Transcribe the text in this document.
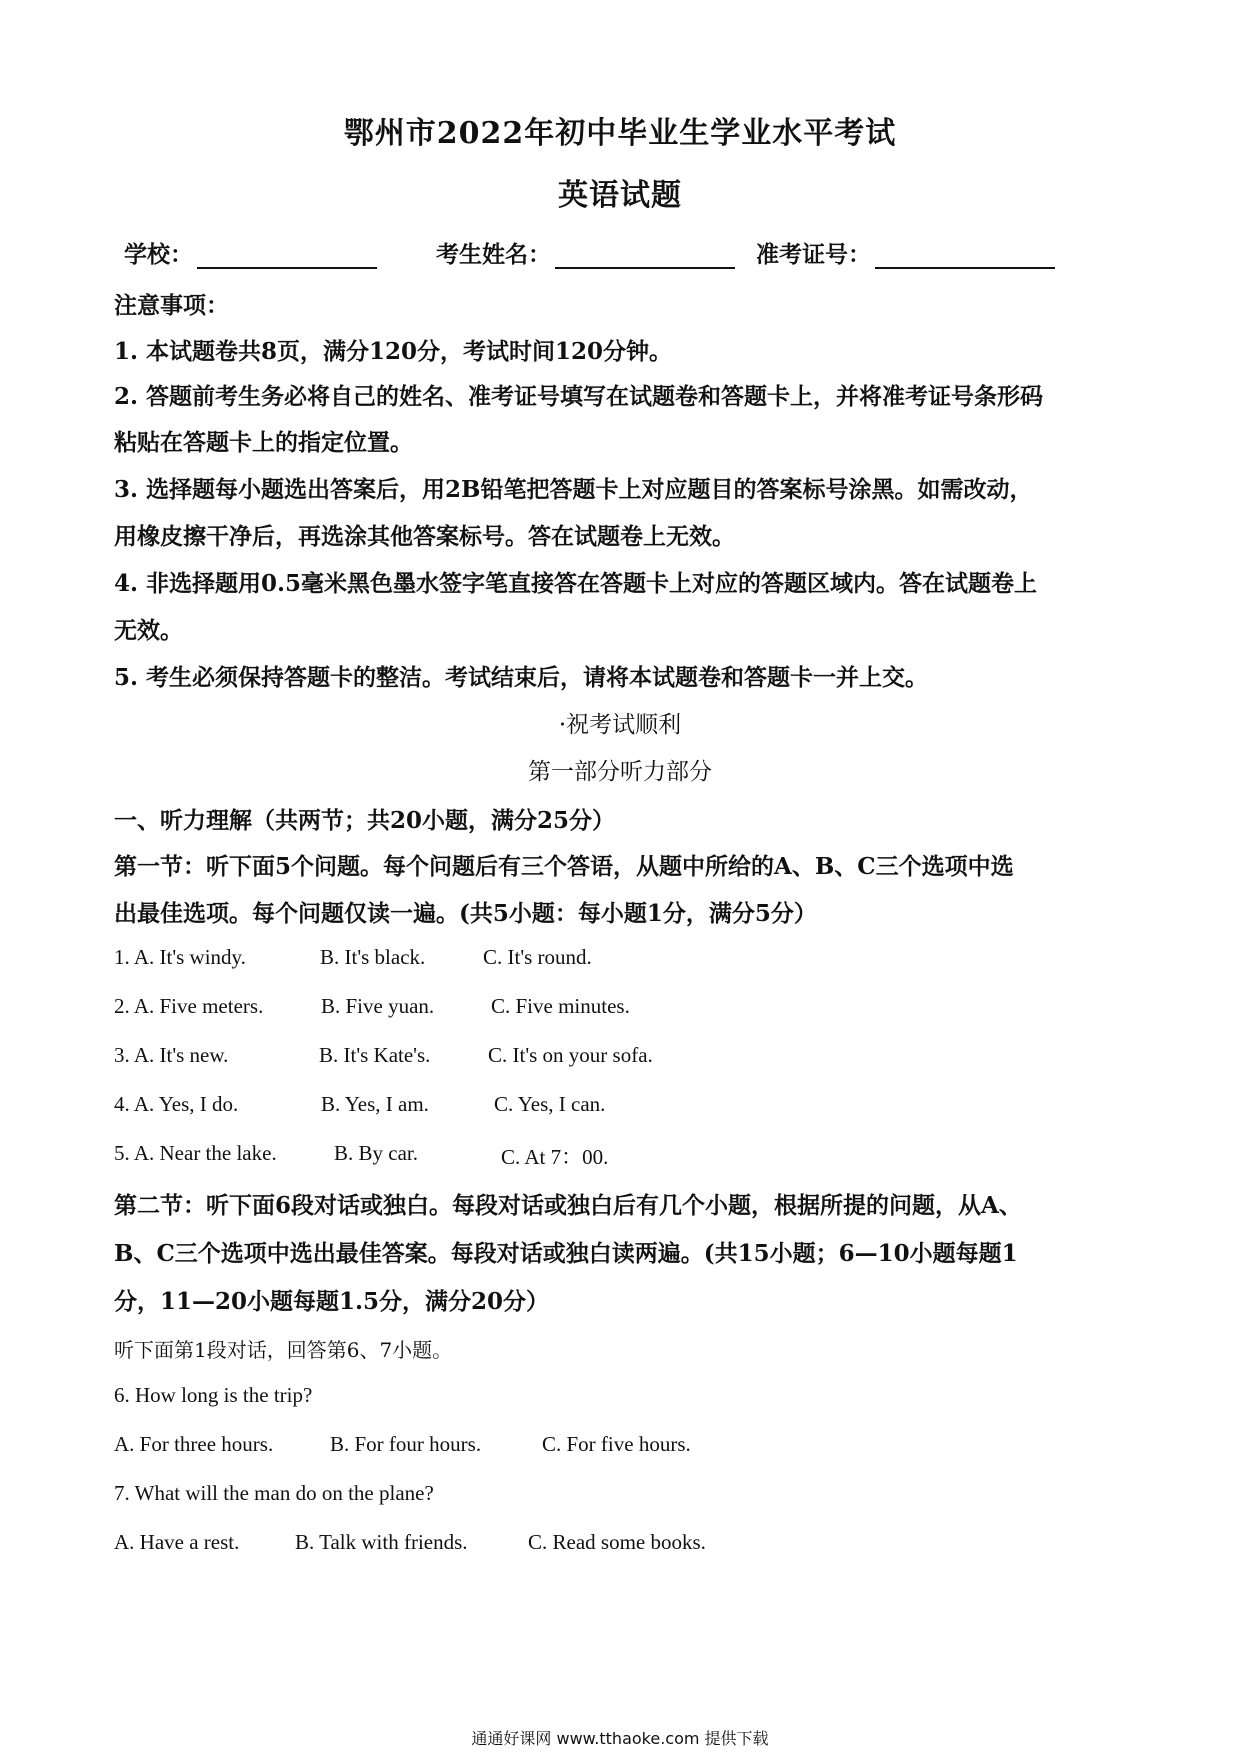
鄂州市2022年初中毕业生学业水平考试
英语试题
学校：	考生姓名：	准考证号：
注意事项：
1. 本试题卷共8页，满分120分，考试时间120分钟。
2. 答题前考生务必将自己的姓名、准考证号填写在试题卷和答题卡上，并将准考证号条形码
粘贴在答题卡上的指定位置。
3. 选择题每小题选出答案后，用2B铅笔把答题卡上对应题目的答案标号涂黑。如需改动，
用橡皮擦干净后，再选涂其他答案标号。答在试题卷上无效。
4. 非选择题用0.5毫米黑色墨水签字笔直接答在答题卡上对应的答题区域内。答在试题卷上
无效。
5. 考生必须保持答题卡的整洁。考试结束后，请将本试题卷和答题卡一并上交。
·祝考试顺利
第一部分听力部分
一、听力理解（共两节；共20小题，满分25分）
第一节：听下面5个问题。每个问题后有三个答语，从题中所给的A、B、C三个选项中选
出最佳选项。每个问题仅读一遍。(共5小题：每小题1分，满分5分）
1. A. It's windy.	B. It's black.	C. It's round.
2. A. Five meters.	B. Five yuan.	C. Five minutes.
3. A. It's new.	B. It's Kate's.	C. It's on your sofa.
4. A. Yes, I do.	B. Yes, I am.	C. Yes, I can.
5. A. Near the lake.	B. By car.	C. At 7：00.
第二节：听下面6段对话或独白。每段对话或独白后有几个小题，根据所提的问题，从A、
B、C三个选项中选出最佳答案。每段对话或独白读两遍。(共15小题；6—10小题每题1
分，11—20小题每题1.5分，满分20分）
听下面第1段对话，回答第6、7小题。
6. How long is the trip?
A. For three hours.	B. For four hours.	C. For five hours.
7. What will the man do on the plane?
A. Have a rest.	B. Talk with friends.	C. Read some books.
通通好课网 www.tthaoke.com 提供下载
